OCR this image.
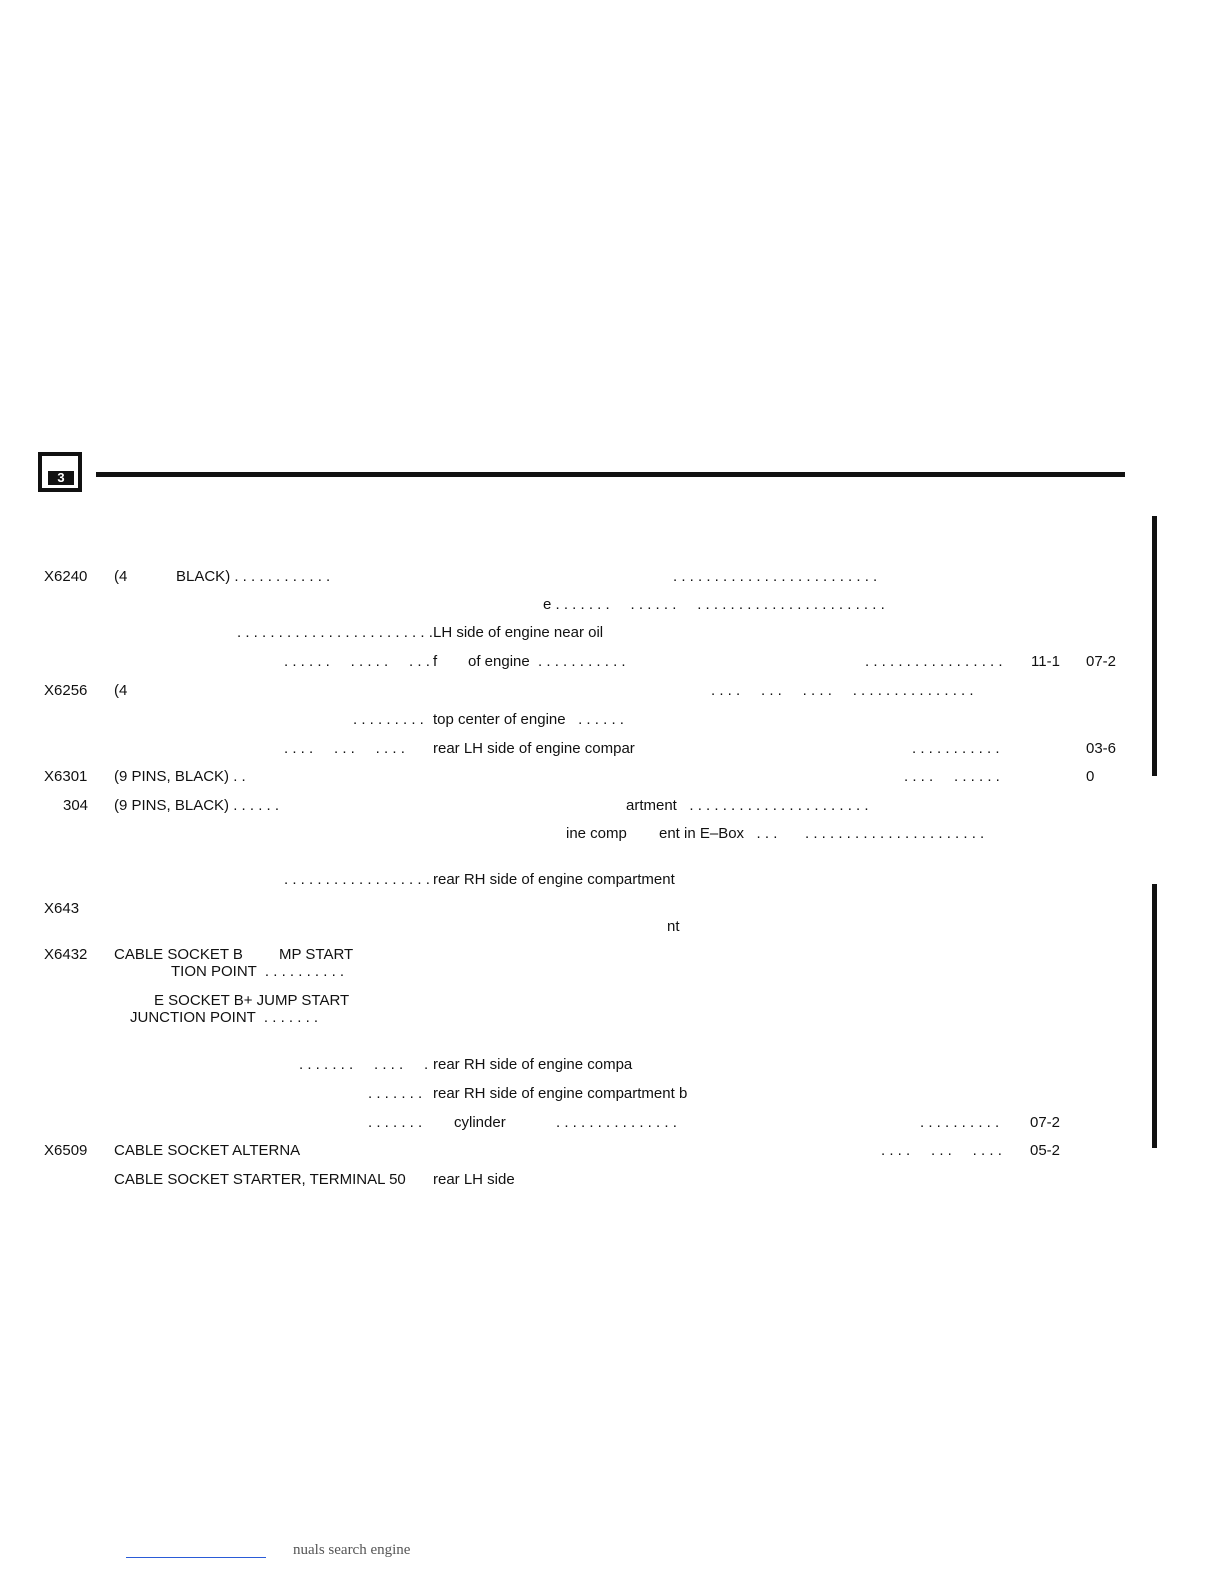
3
X6240 (4	BLACK) . . . . . . . . . . . .	. . . . . . . . . . . . . . . . . . . . . . . . .
e . . . . . . .     . . . . . .     . . . . . . . . . . . . . . . . . . . . . . .
. . . . . . . . . . . . . . . . . . . . . . . . LH side of engine near oil
. . . . . .     . . . . .     . . . f of engine  . . . . . . . . . . .	. . . . . . . . . . . . . . . . . 11-1 07-2
X6256 (4	. . . .     . . .     . . . .     . . . . . . . . . . . . . . .
. . . . . . . . . top center of engine   . . . . . .
. . . .     . . .     . . . . rear LH side of engine compar	. . . . . . . . . . .	03-6
X6301 (9 PINS, BLACK) . .	. . . .     . . . . . .	0
304 (9 PINS, BLACK) . . . . . .	artment   . . . . . . . . . . . . . . . . . . . . . .
ine comp ent in E–Box   . . . . . . . . . . . . . . . . . . . . . . . . .
. . . . . . . . . . . . . . . . . . rear RH side of engine compartment
X643
nt
X6432 CABLE SOCKET B MP START
TION POINT  . . . . . . . . . .
E SOCKET B+ JUMP START
JUNCTION POINT  . . . . . . .
. . . . . . .     . . . .     . rear RH side of engine compa
. . . . . . . rear RH side of engine compartment b
. . . . . . . cylinder	. . . . . . . . . . . . . . .	. . . . . . . . . . 07-2
X6509 CABLE SOCKET ALTERNA	. . . .     . . .     . . . . 05-2
CABLE SOCKET STARTER, TERMINAL 50 rear LH side
nuals search engine
